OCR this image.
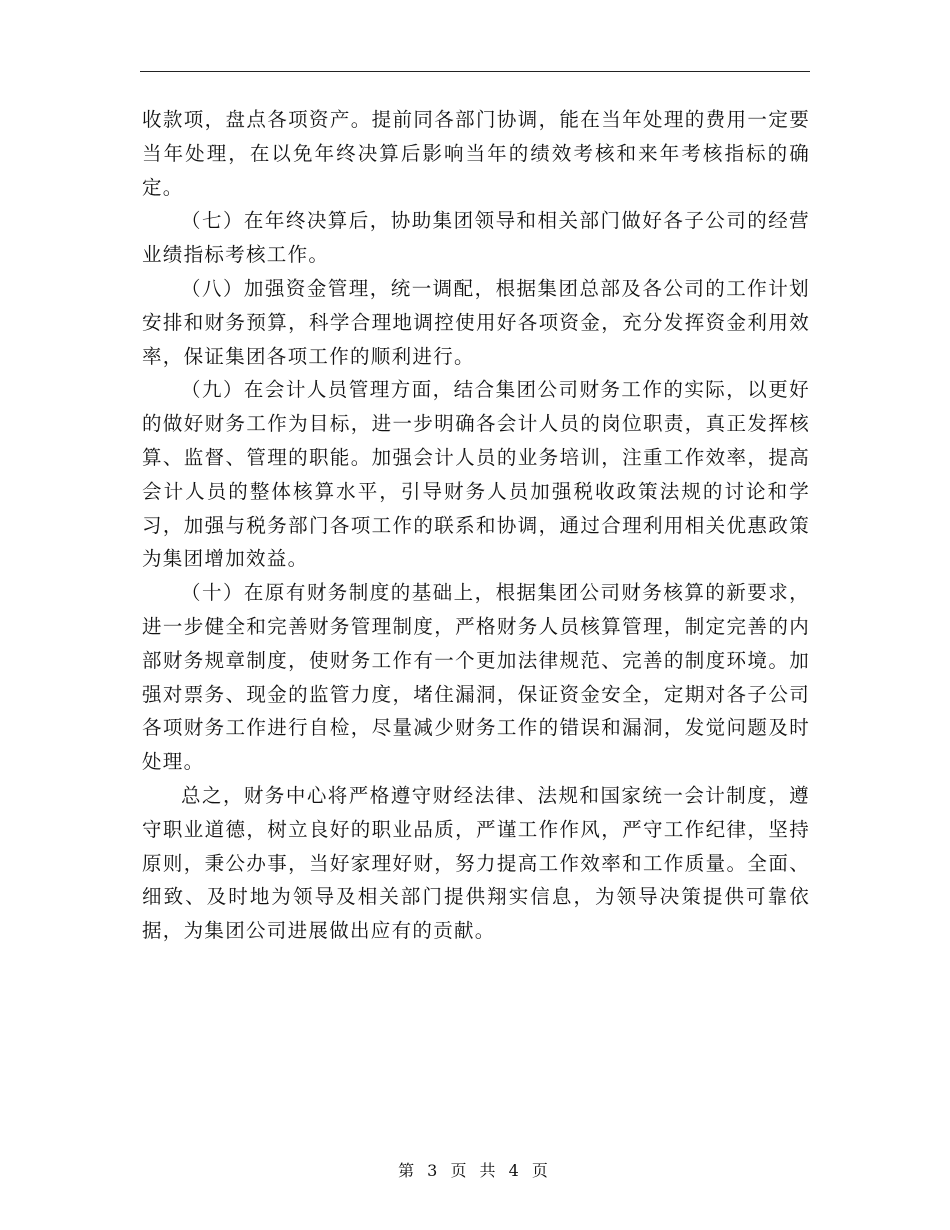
收款项，盘点各项资产。提前同各部门协调，能在当年处理的费用一定要当年处理，在以免年终决算后影响当年的绩效考核和来年考核指标的确定。

（七）在年终决算后，协助集团领导和相关部门做好各子公司的经营业绩指标考核工作。

（八）加强资金管理，统一调配，根据集团总部及各公司的工作计划安排和财务预算，科学合理地调控使用好各项资金，充分发挥资金利用效率，保证集团各项工作的顺利进行。

（九）在会计人员管理方面，结合集团公司财务工作的实际，以更好的做好财务工作为目标，进一步明确各会计人员的岗位职责，真正发挥核算、监督、管理的职能。加强会计人员的业务培训，注重工作效率，提高会计人员的整体核算水平，引导财务人员加强税收政策法规的讨论和学习，加强与税务部门各项工作的联系和协调，通过合理利用相关优惠政策为集团增加效益。

（十）在原有财务制度的基础上，根据集团公司财务核算的新要求，进一步健全和完善财务管理制度，严格财务人员核算管理，制定完善的内部财务规章制度，使财务工作有一个更加法律规范、完善的制度环境。加强对票务、现金的监管力度，堵住漏洞，保证资金安全，定期对各子公司各项财务工作进行自检，尽量减少财务工作的错误和漏洞，发觉问题及时处理。

总之，财务中心将严格遵守财经法律、法规和国家统一会计制度，遵守职业道德，树立良好的职业品质，严谨工作作风，严守工作纪律，坚持原则，秉公办事，当好家理好财，努力提高工作效率和工作质量。全面、细致、及时地为领导及相关部门提供翔实信息，为领导决策提供可靠依据，为集团公司进展做出应有的贡献。

第 3 页 共 4 页
